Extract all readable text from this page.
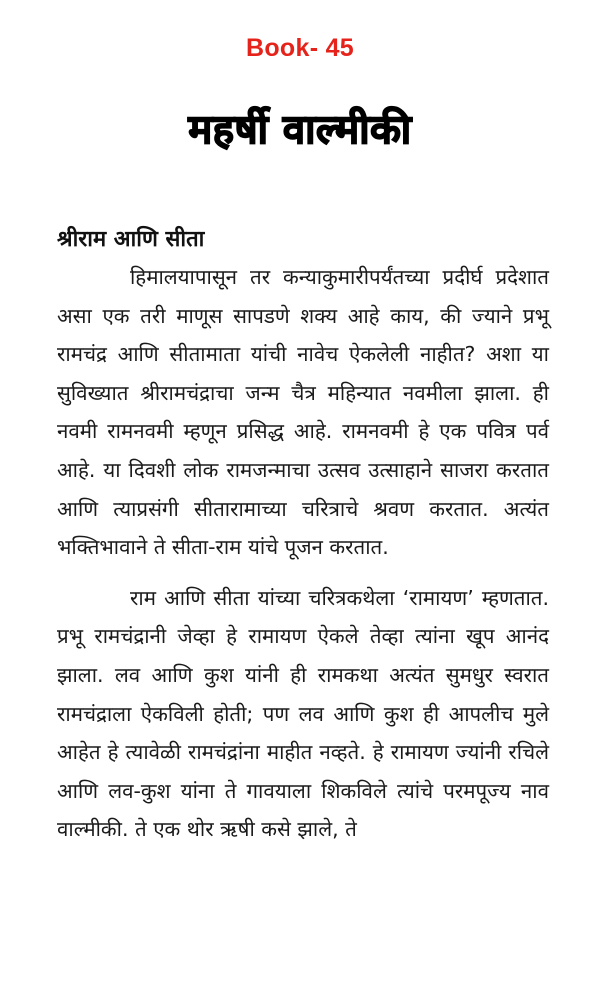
Book- 45
महर्षी वाल्मीकी
श्रीराम आणि सीता

हिमालयापासून तर कन्याकुमारीपर्यंतच्या प्रदीर्घ प्रदेशात असा एक तरी माणूस सापडणे शक्य आहे काय, की ज्याने प्रभू रामचंद्र आणि सीतामाता यांची नावेच ऐकलेली नाहीत? अशा या सुविख्यात श्रीरामचंद्राचा जन्म चैत्र महिन्यात नवमीला झाला. ही नवमी रामनवमी म्हणून प्रसिद्ध आहे. रामनवमी हे एक पवित्र पर्व आहे. या दिवशी लोक रामजन्माचा उत्सव उत्साहाने साजरा करतात आणि त्याप्रसंगी सीतारामाच्या चरित्राचे श्रवण करतात. अत्यंत भक्तिभावाने ते सीता-राम यांचे पूजन करतात.

राम आणि सीता यांच्या चरित्रकथेला ‘रामायण’ म्हणतात. प्रभू रामचंद्रानी जेव्हा हे रामायण ऐकले तेव्हा त्यांना खूप आनंद झाला. लव आणि कुश यांनी ही रामकथा अत्यंत सुमधुर स्वरात रामचंद्राला ऐकविली होती; पण लव आणि कुश ही आपलीच मुले आहेत हे त्यावेळी रामचंद्रांना माहीत नव्हते. हे रामायण ज्यांनी रचिले आणि लव-कुश यांना ते गावयाला शिकविले त्यांचे परमपूज्य नाव वाल्मीकी. ते एक थोर ऋषी कसे झाले, ते
